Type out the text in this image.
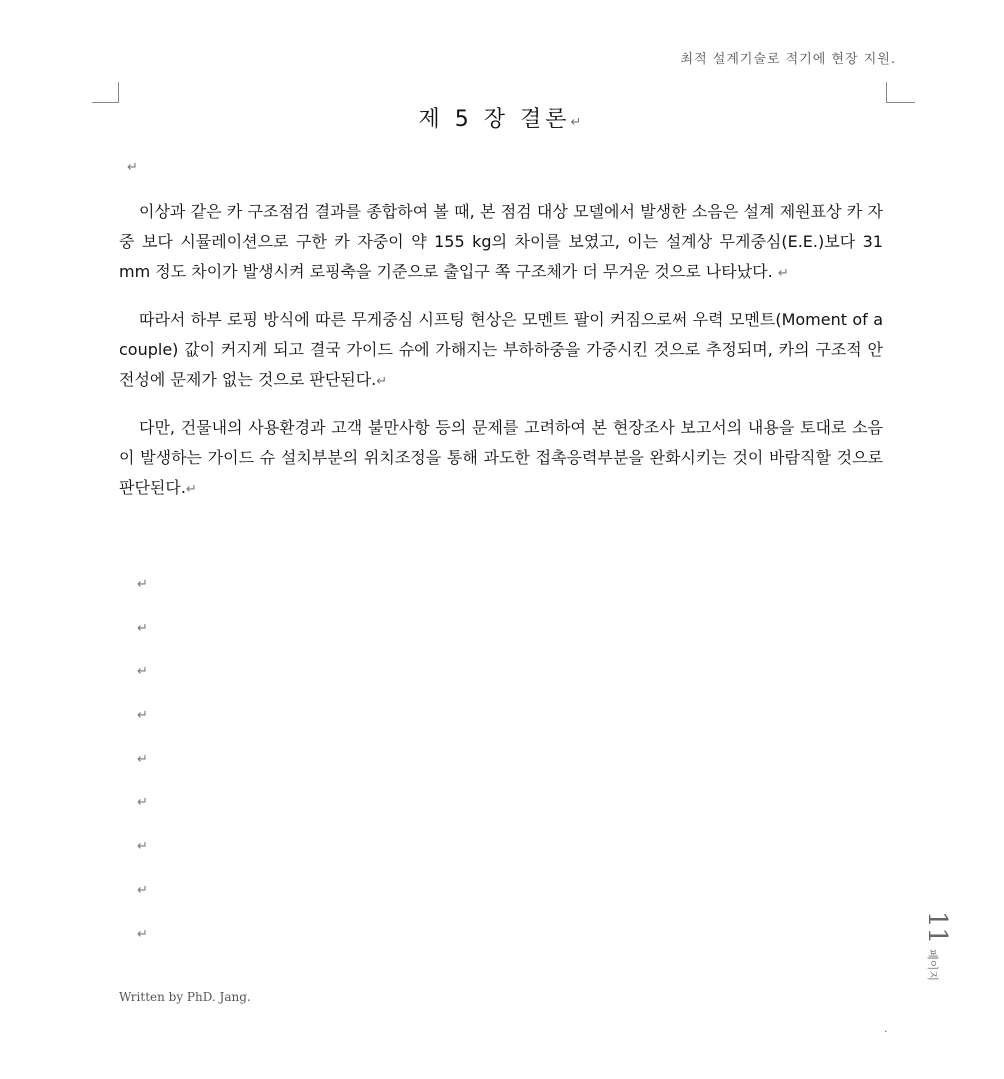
최적 설계기술로 적기에 현장 지원.
제 5 장 결론↵
↵

이상과 같은 카 구조점검 결과를 종합하여 볼 때, 본 점검 대상 모델에서 발생한 소음은 설계 제원표상 카 자중 보다 시뮬레이션으로 구한 카 자중이 약 155 kg의 차이를 보였고, 이는 설계상 무게중심(E.E.)보다 31 mm 정도 차이가 발생시켜 로핑축을 기준으로 출입구 쪽 구조체가 더 무거운 것으로 나타났다. ↵

따라서 하부 로핑 방식에 따른 무게중심 시프팅 현상은 모멘트 팔이 커짐으로써 우력 모멘트(Moment of a couple) 값이 커지게 되고 결국 가이드 슈에 가해지는 부하하중을 가중시킨 것으로 추정되며, 카의 구조적 안전성에 문제가 없는 것으로 판단된다.↵

다만, 건물내의 사용환경과 고객 불만사항 등의 문제를 고려하여 본 현장조사 보고서의 내용을 토대로 소음이 발생하는 가이드 슈 설치부분의 위치조정을 통해 과도한 접촉응력부분을 완화시키는 것이 바람직할 것으로 판단된다.↵

↵
↵
↵
↵
↵
↵
↵
↵
↵
Written by PhD. Jang.
11 페이지
.
